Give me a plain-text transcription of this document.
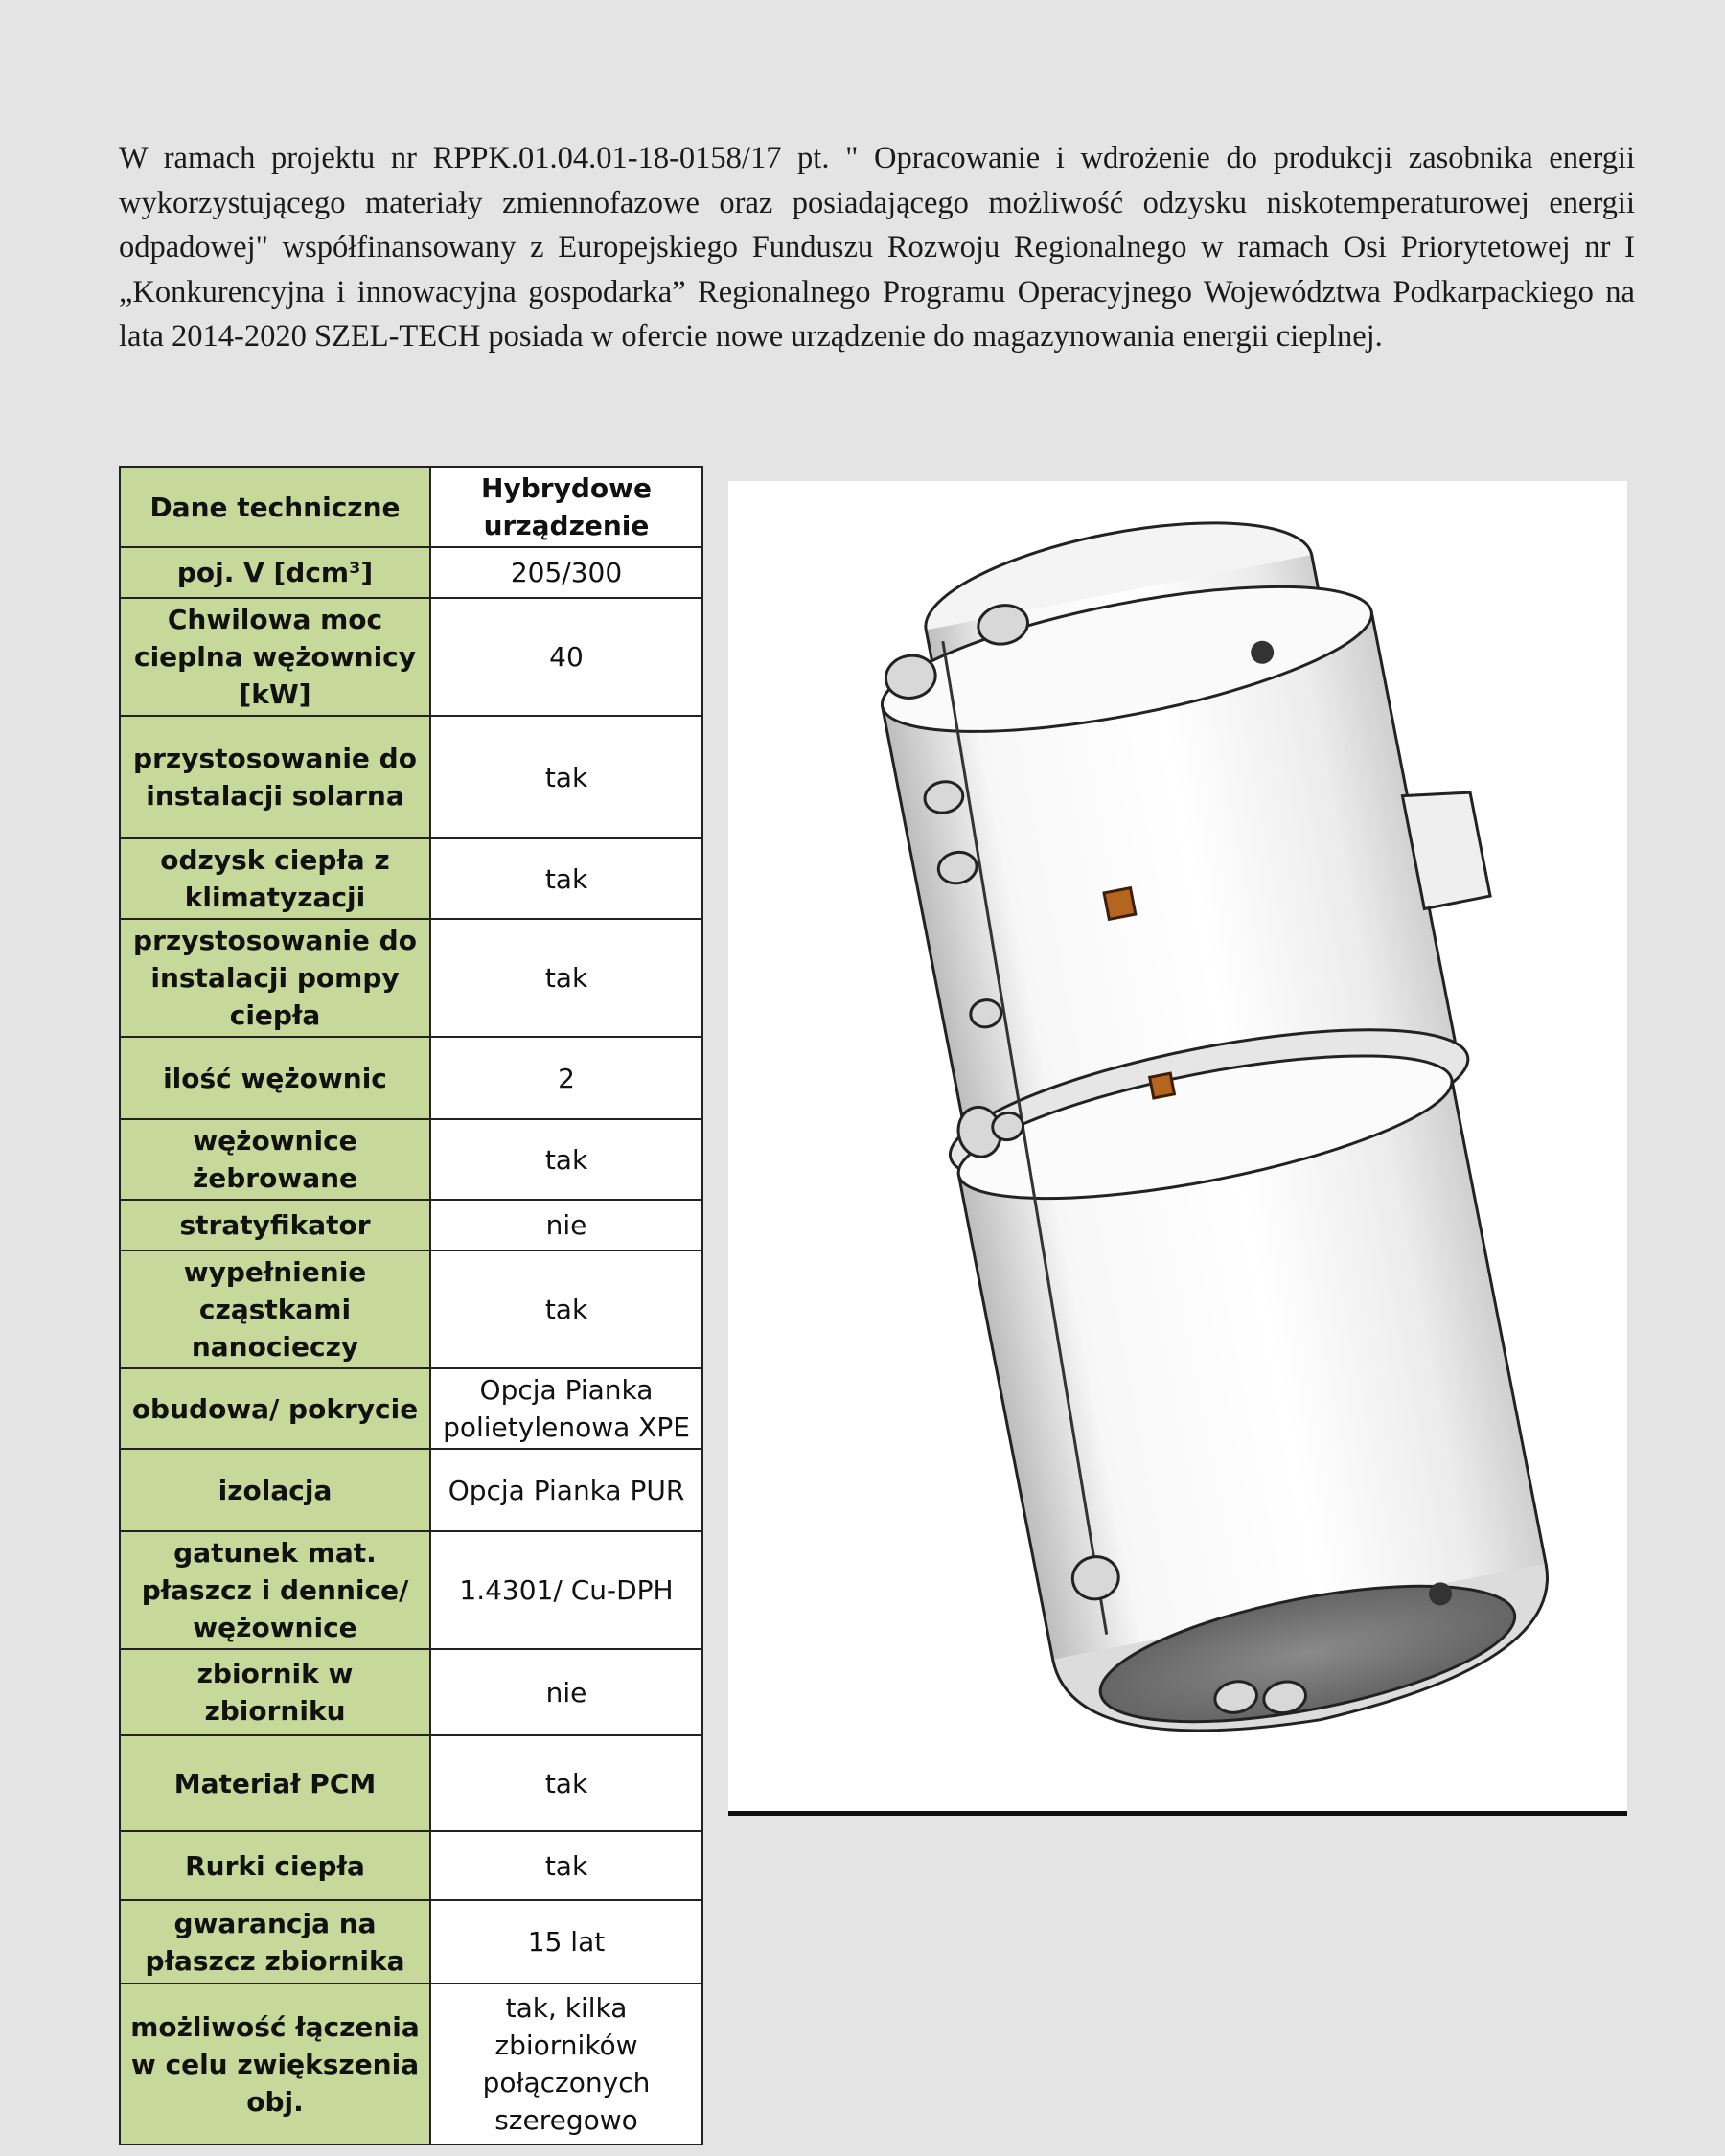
W ramach projektu nr RPPK.01.04.01-18-0158/17 pt. " Opracowanie i wdrożenie do produkcji zasobnika energii wykorzystującego materiały zmiennofazowe oraz posiadającego możliwość odzysku niskotemperaturowej energii odpadowej" współfinansowany z Europejskiego Funduszu Rozwoju Regionalnego w ramach Osi Priorytetowej nr I „Konkurencyjna i innowacyjna gospodarka” Regionalnego Programu Operacyjnego Województwa Podkarpackiego na lata 2014-2020 SZEL-TECH posiada w ofercie nowe urządzenie do magazynowania energii cieplnej.

Dane techniczne	Hybrydowe urządzenie
poj. V [dcm³]	205/300
Chwilowa moc cieplna wężownicy [kW]	40
przystosowanie do instalacji solarna	tak
odzysk ciepła z klimatyzacji	tak
przystosowanie do instalacji pompy ciepła	tak
ilość wężownic	2
wężownice żebrowane	tak
stratyfikator	nie
wypełnienie cząstkami nanocieczy	tak
obudowa/ pokrycie	Opcja Pianka polietylenowa XPE
izolacja	Opcja Pianka PUR
gatunek mat. płaszcz i dennice/ wężownice	1.4301/ Cu-DPH
zbiornik w zbiorniku	nie
Materiał PCM	tak
Rurki ciepła	tak
gwarancja na płaszcz zbiornika	15 lat
możliwość łączenia w celu zwiększenia obj.	tak, kilka zbiorników połączonych szeregowo
